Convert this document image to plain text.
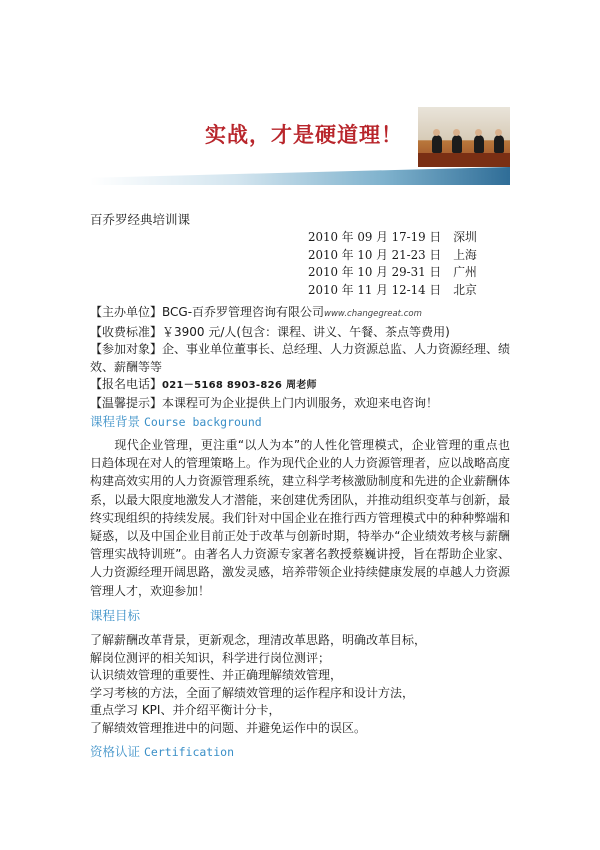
实战，才是硬道理！
百乔罗经典培训课
2010 年 09 月 17-19 日 深圳
2010 年 10 月 21-23 日 上海
2010 年 10 月 29-31 日 广州
2010 年 11 月 12-14 日 北京

【主办单位】BCG-百乔罗管理咨询有限公司www.changegreat.com

【收费标准】￥3900 元/人(包含：课程、讲义、午餐、茶点等费用)

【参加对象】企、事业单位董事长、总经理、人力资源总监、人力资源经理、绩效、薪酬等等

【报名电话】021－5168 8903-826 周老师

【温馨提示】本课程可为企业提供上门内训服务，欢迎来电咨询！

课程背景 Course background
现代企业管理，更注重“以人为本”的人性化管理模式，企业管理的重点也日趋体现在对人的管理策略上。作为现代企业的人力资源管理者，应以战略高度构建高效实用的人力资源管理系统，建立科学考核激励制度和先进的企业薪酬体系，以最大限度地激发人才潜能，来创建优秀团队，并推动组织变革与创新，最终实现组织的持续发展。我们针对中国企业在推行西方管理模式中的种种弊端和疑惑，以及中国企业目前正处于改革与创新时期，特举办“企业绩效考核与薪酬管理实战特训班”。由著名人力资源专家著名教授蔡巍讲授，旨在帮助企业家、人力资源经理开阔思路，激发灵感，培养带领企业持续健康发展的卓越人力资源管理人才，欢迎参加！
课程目标

了解薪酬改革背景，更新观念，理清改革思路，明确改革目标，

解岗位测评的相关知识，科学进行岗位测评；

认识绩效管理的重要性、并正确理解绩效管理，

学习考核的方法，全面了解绩效管理的运作程序和设计方法，

重点学习 KPI、并介绍平衡计分卡，

了解绩效管理推进中的问题、并避免运作中的误区。

资格认证 Certification
